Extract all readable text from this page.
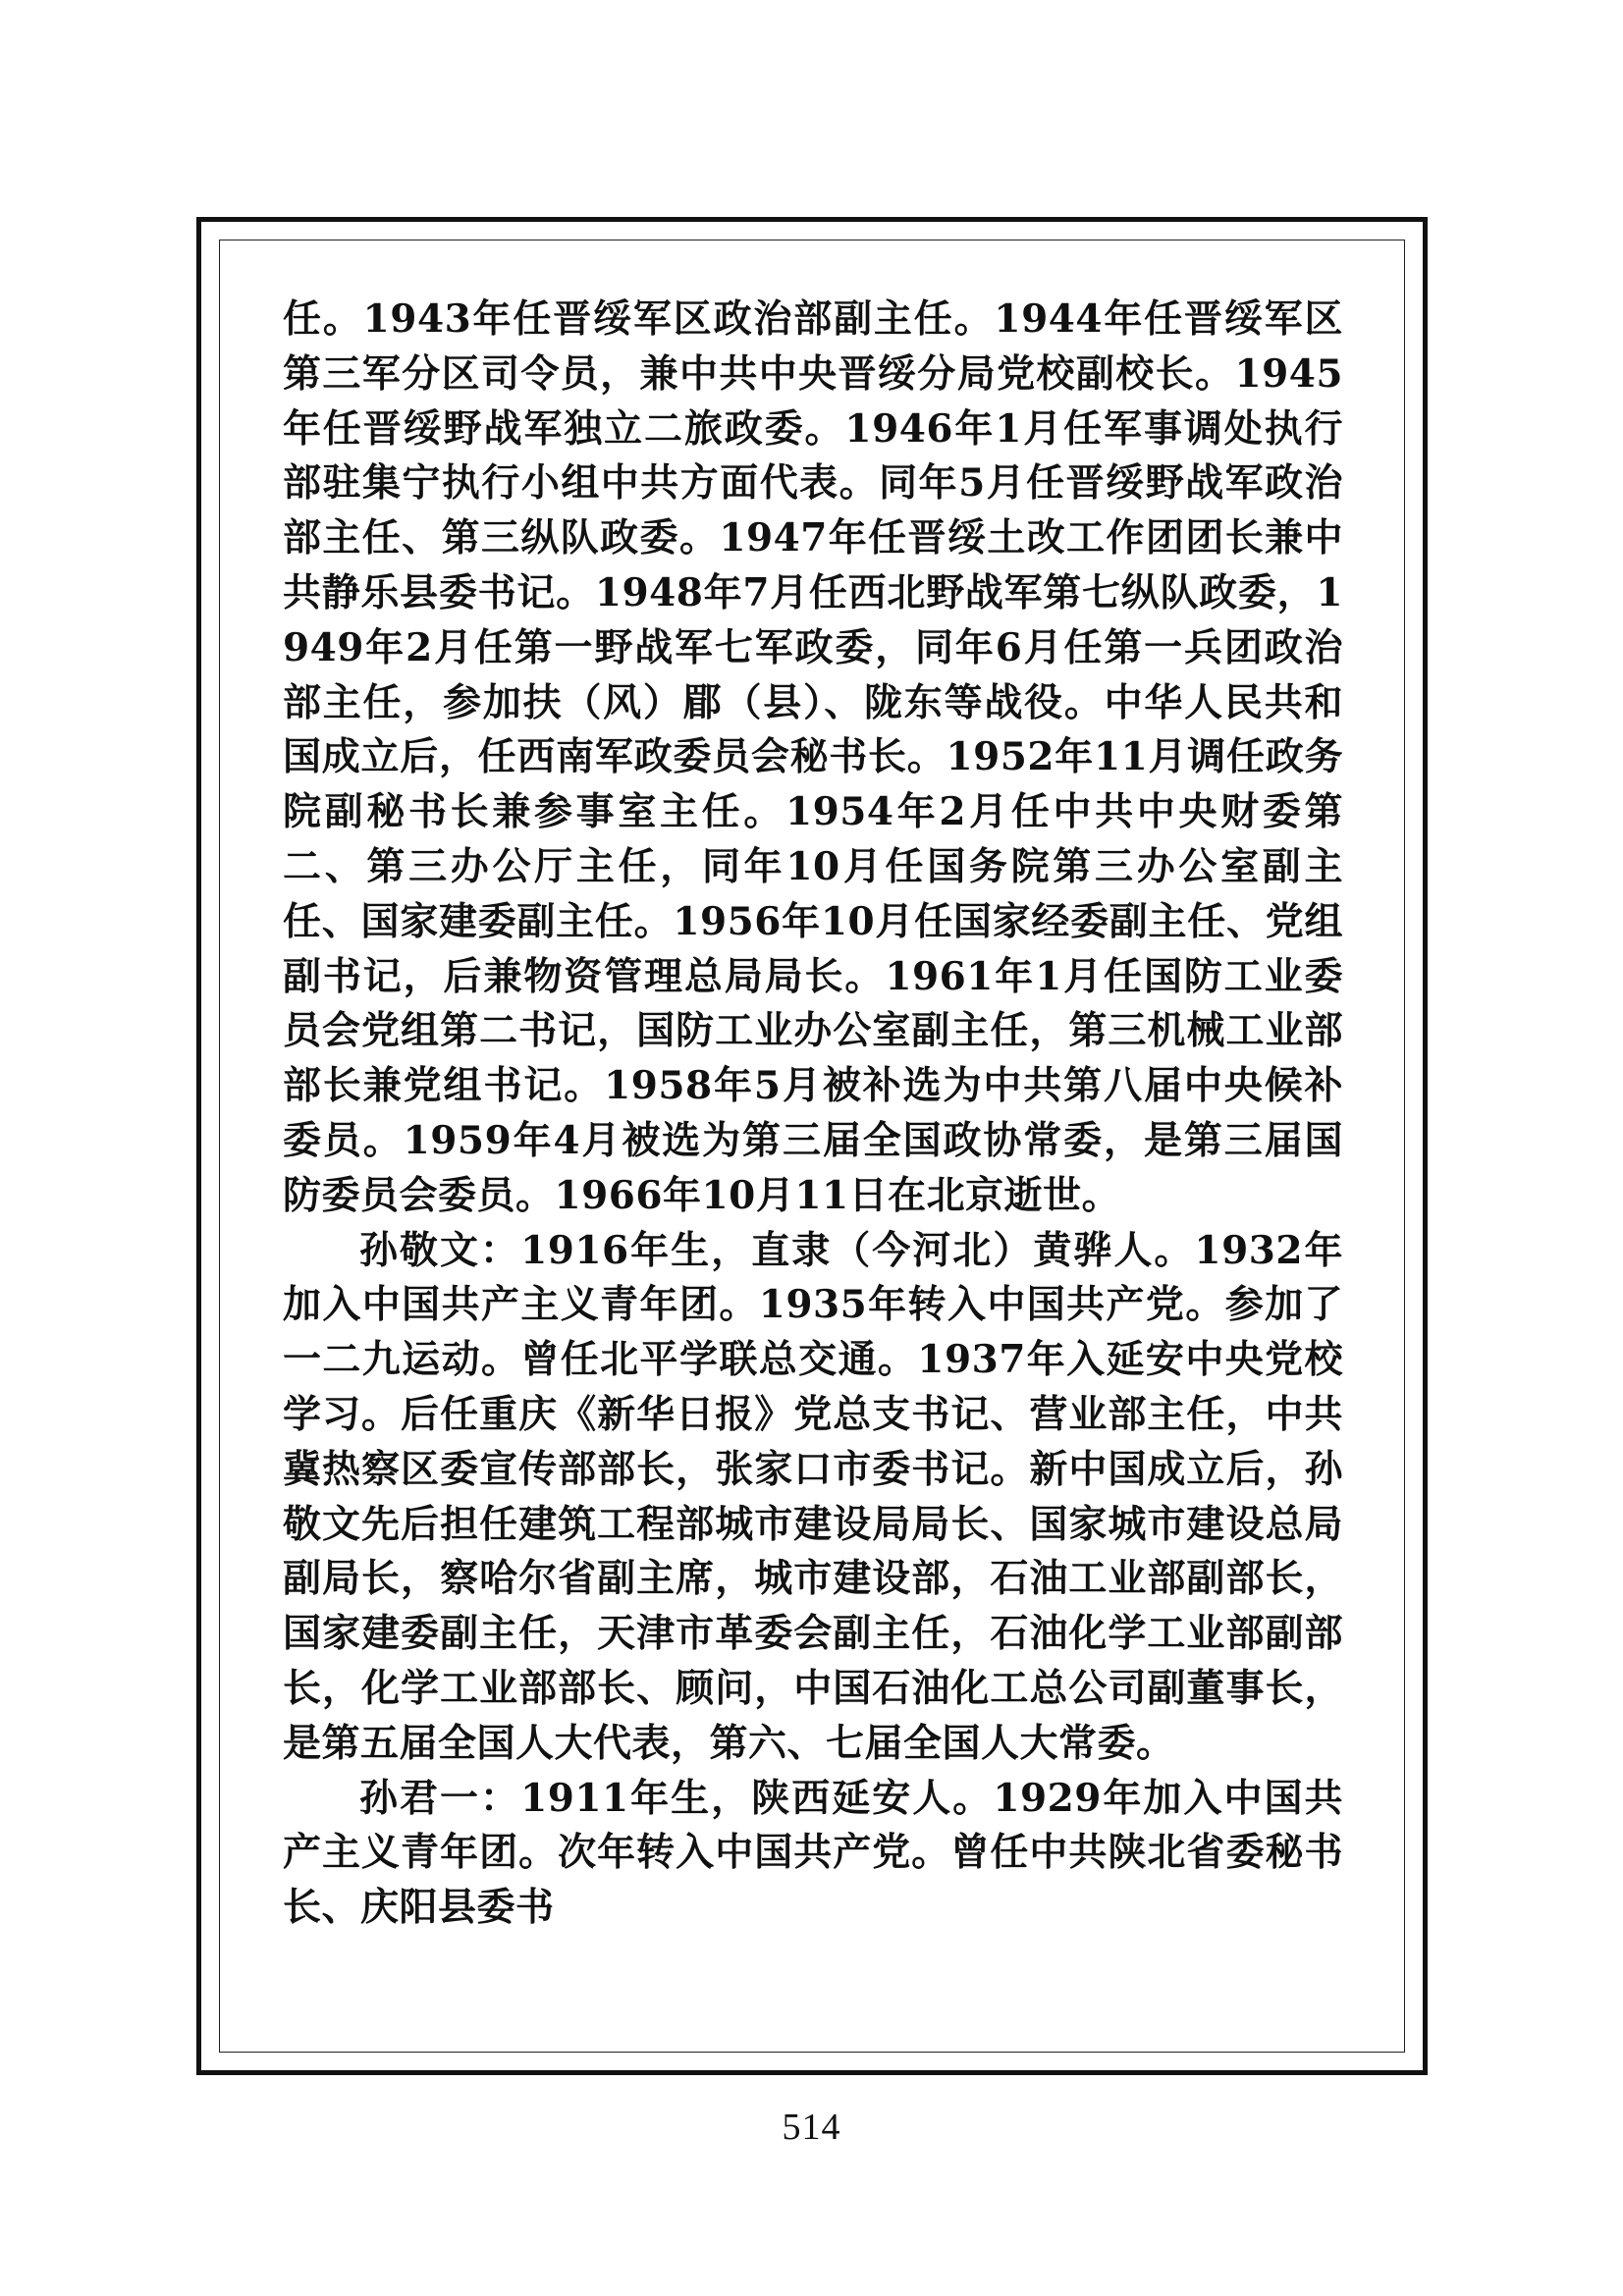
任。1943年任晋绥军区政治部副主任。1944年任晋绥军区第三军分区司令员，兼中共中央晋绥分局党校副校长。1945年任晋绥野战军独立二旅政委。1946年1月任军事调处执行部驻集宁执行小组中共方面代表。同年5月任晋绥野战军政治部主任、第三纵队政委。1947年任晋绥土改工作团团长兼中共静乐县委书记。1948年7月任西北野战军第七纵队政委，1949年2月任第一野战军七军政委，同年6月任第一兵团政治部主任，参加扶（风）郿（县）、陇东等战役。中华人民共和国成立后，任西南军政委员会秘书长。1952年11月调任政务院副秘书长兼参事室主任。1954年2月任中共中央财委第二、第三办公厅主任，同年10月任国务院第三办公室副主任、国家建委副主任。1956年10月任国家经委副主任、党组副书记，后兼物资管理总局局长。1961年1月任国防工业委员会党组第二书记，国防工业办公室副主任，第三机械工业部部长兼党组书记。1958年5月被补选为中共第八届中央候补委员。1959年4月被选为第三届全国政协常委，是第三届国防委员会委员。1966年10月11日在北京逝世。

孙敬文：1916年生，直隶（今河北）黄骅人。1932年加入中国共产主义青年团。1935年转入中国共产党。参加了一二九运动。曾任北平学联总交通。1937年入延安中央党校学习。后任重庆《新华日报》党总支书记、营业部主任，中共冀热察区委宣传部部长，张家口市委书记。新中国成立后，孙敬文先后担任建筑工程部城市建设局局长、国家城市建设总局副局长，察哈尔省副主席，城市建设部，石油工业部副部长，国家建委副主任，天津市革委会副主任，石油化学工业部副部长，化学工业部部长、顾问，中国石油化工总公司副董事长，是第五届全国人大代表，第六、七届全国人大常委。

孙君一：1911年生，陕西延安人。1929年加入中国共产主义青年团。次年转入中国共产党。曾任中共陕北省委秘书长、庆阳县委书

514
